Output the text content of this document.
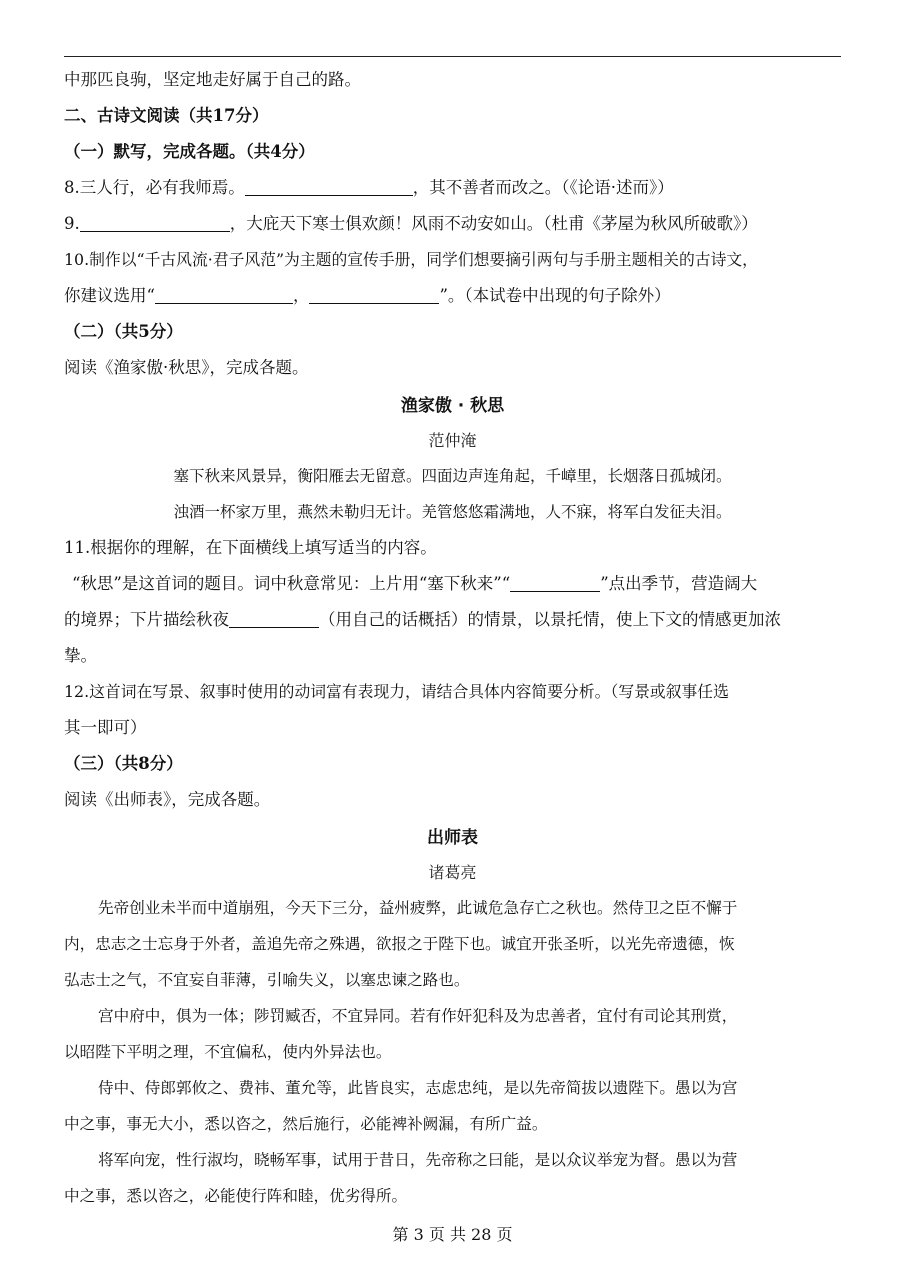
中那匹良驹，坚定地走好属于自己的路。
二、古诗文阅读（共17分）
（一）默写，完成各题。（共4分）
8.三人行，必有我师焉。	，其不善者而改之。（《论语·述而》）
9.	，大庇天下寒士俱欢颜！风雨不动安如山。（杜甫《茅屋为秋风所破歌》）
10.制作以“千古风流·君子风范”为主题的宣传手册，同学们想要摘引两句与手册主题相关的古诗文，
你建议选用“	，	”。（本试卷中出现的句子除外）
（二）（共5分）
阅读《渔家傲·秋思》，完成各题。
渔家傲 · 秋思
范仲淹
塞下秋来风景异，衡阳雁去无留意。四面边声连角起，千嶂里，长烟落日孤城闭。
浊酒一杯家万里，燕然未勒归无计。羌管悠悠霜满地，人不寐，将军白发征夫泪。
11.根据你的理解，在下面横线上填写适当的内容。
“秋思”是这首词的题目。词中秋意常见：上片用“塞下秋来”“	”点出季节，营造阔大
的境界；下片描绘秋夜	（用自己的话概括）的情景，以景托情，使上下文的情感更加浓
挚。
12.这首词在写景、叙事时使用的动词富有表现力，请结合具体内容简要分析。（写景或叙事任选
其一即可）
（三）（共8分）
阅读《出师表》，完成各题。
出师表
诸葛亮
先帝创业未半而中道崩殂，今天下三分，益州疲弊，此诚危急存亡之秋也。然侍卫之臣不懈于
内，忠志之士忘身于外者，盖追先帝之殊遇，欲报之于陛下也。诚宜开张圣听，以光先帝遗德，恢
弘志士之气，不宜妄自菲薄，引喻失义，以塞忠谏之路也。
宫中府中，俱为一体；陟罚臧否，不宜异同。若有作奸犯科及为忠善者，宜付有司论其刑赏，
以昭陛下平明之理，不宜偏私，使内外异法也。
侍中、侍郎郭攸之、费祎、董允等，此皆良实，志虑忠纯，是以先帝简拔以遗陛下。愚以为宫
中之事，事无大小，悉以咨之，然后施行，必能裨补阙漏，有所广益。
将军向宠，性行淑均，晓畅军事，试用于昔日，先帝称之曰能，是以众议举宠为督。愚以为营
中之事，悉以咨之，必能使行阵和睦，优劣得所。
第 3 页 共 28 页
